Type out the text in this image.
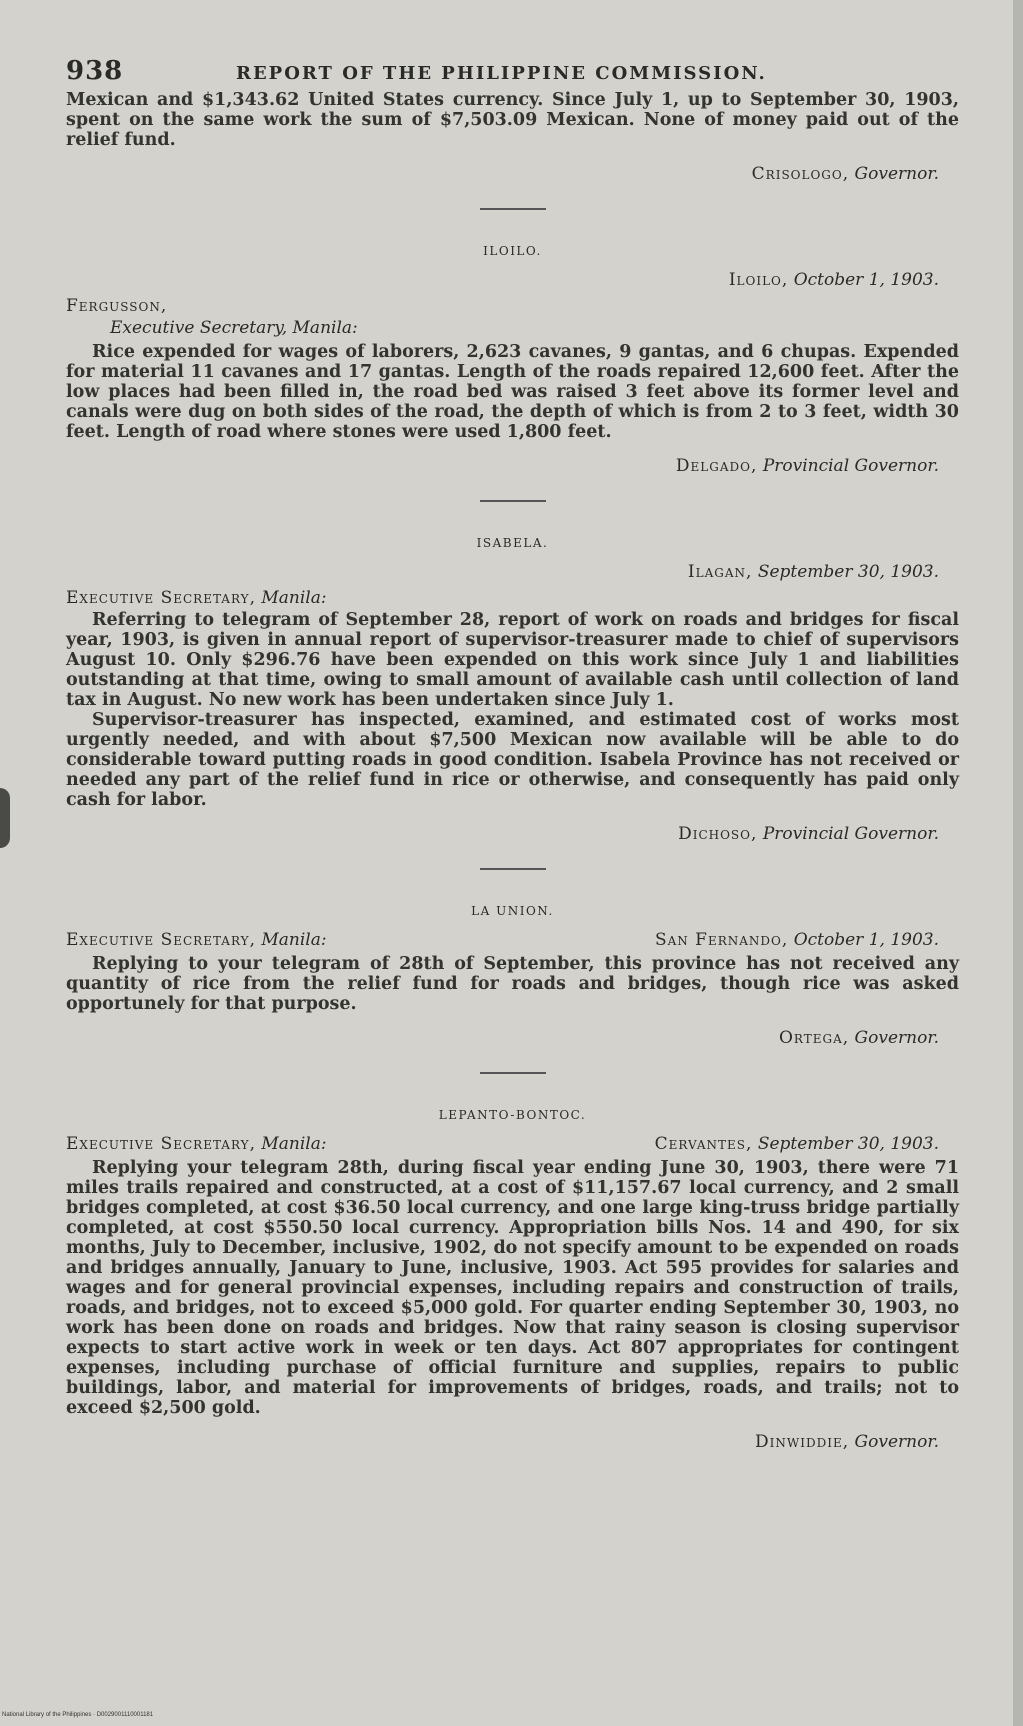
938	REPORT OF THE PHILIPPINE COMMISSION.

Mexican and $1,343.62 United States currency. Since July 1, up to September 30, 1903, spent on the same work the sum of $7,503.09 Mexican. None of money paid out of the relief fund.

Crisologo, Governor.
ILOILO.
Iloilo, October 1, 1903.
Fergusson,
Executive Secretary, Manila:

Rice expended for wages of laborers, 2,623 cavanes, 9 gantas, and 6 chupas. Expended for material 11 cavanes and 17 gantas. Length of the roads repaired 12,600 feet. After the low places had been filled in, the road bed was raised 3 feet above its former level and canals were dug on both sides of the road, the depth of which is from 2 to 3 feet, width 30 feet. Length of road where stones were used 1,800 feet.

Delgado, Provincial Governor.
ISABELA.
Ilagan, September 30, 1903.
Executive Secretary, Manila:

Referring to telegram of September 28, report of work on roads and bridges for fiscal year, 1903, is given in annual report of supervisor-treasurer made to chief of supervisors August 10. Only $296.76 have been expended on this work since July 1 and liabilities outstanding at that time, owing to small amount of available cash until collection of land tax in August. No new work has been undertaken since July 1.

Supervisor-treasurer has inspected, examined, and estimated cost of works most urgently needed, and with about $7,500 Mexican now available will be able to do considerable toward putting roads in good condition. Isabela Province has not received or needed any part of the relief fund in rice or otherwise, and consequently has paid only cash for labor.

Dichoso, Provincial Governor.
LA UNION.
Executive Secretary, Manila:	San Fernando, October 1, 1903.

Replying to your telegram of 28th of September, this province has not received any quantity of rice from the relief fund for roads and bridges, though rice was asked opportunely for that purpose.

Ortega, Governor.
LEPANTO-BONTOC.
Executive Secretary, Manila:	Cervantes, September 30, 1903.

Replying your telegram 28th, during fiscal year ending June 30, 1903, there were 71 miles trails repaired and constructed, at a cost of $11,157.67 local currency, and 2 small bridges completed, at cost $36.50 local currency, and one large king-truss bridge partially completed, at cost $550.50 local currency. Appropriation bills Nos. 14 and 490, for six months, July to December, inclusive, 1902, do not specify amount to be expended on roads and bridges annually, January to June, inclusive, 1903. Act 595 provides for salaries and wages and for general provincial expenses, including repairs and construction of trails, roads, and bridges, not to exceed $5,000 gold. For quarter ending September 30, 1903, no work has been done on roads and bridges. Now that rainy season is closing supervisor expects to start active work in week or ten days. Act 807 appropriates for contingent expenses, including purchase of official furniture and supplies, repairs to public buildings, labor, and material for improvements of bridges, roads, and trails; not to exceed $2,500 gold.

Dinwiddie, Governor.
National Library of the Philippines · D0029001110001181
